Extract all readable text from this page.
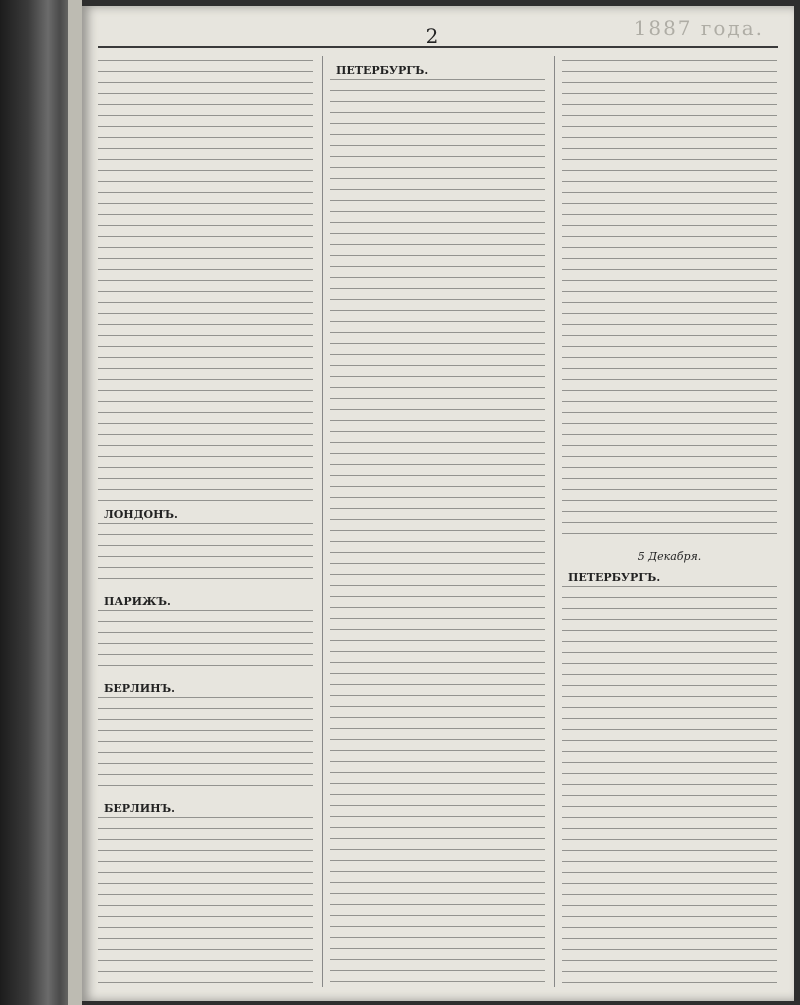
1887 года.
2
ЛОНДОНЪ.
ПАРИЖЪ.
БЕРЛИНЪ.
БЕРЛИНЪ.
ПЕТЕРБУРГЪ.
5 Декабря.
ПЕТЕРБУРГЪ.
